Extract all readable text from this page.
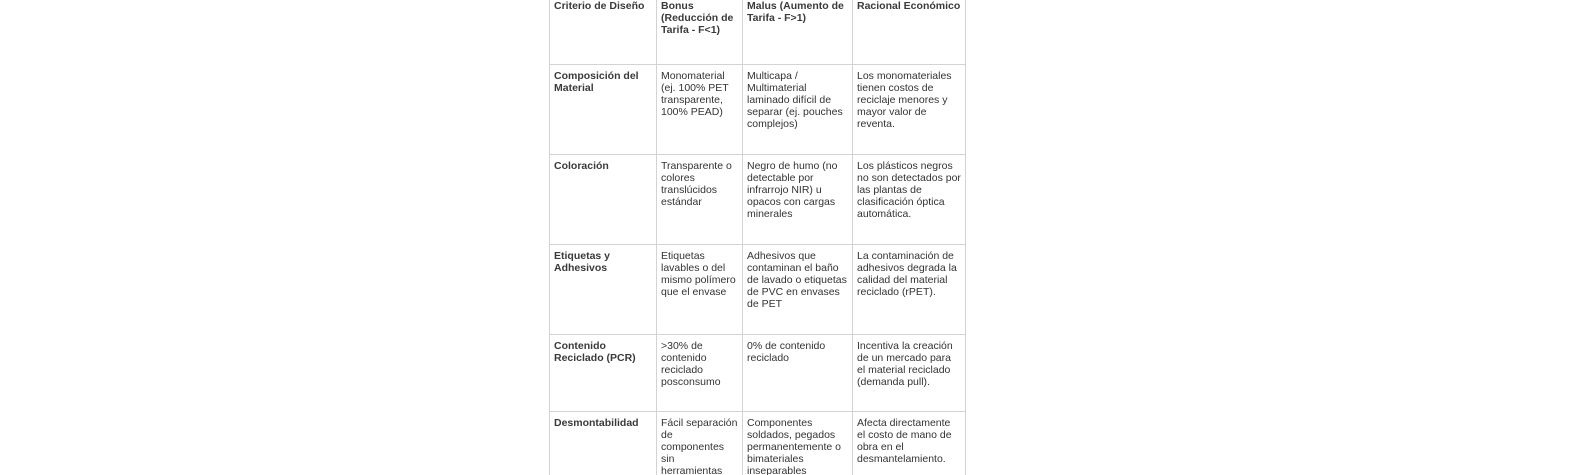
Criterio de Diseño	Bonus (Reducción de Tarifa - F<1)	Malus (Aumento de Tarifa - F>1)	Racional Económico
Composición del Material	Monomaterial (ej. 100% PET transparente, 100% PEAD)	Multicapa / Multimaterial laminado difícil de separar (ej. pouches complejos)	Los monomateriales tienen costos de reciclaje menores y mayor valor de reventa.
Coloración	Transparente o colores translúcidos estándar	Negro de humo (no detectable por infrarrojo NIR) u opacos con cargas minerales	Los plásticos negros no son detectados por las plantas de clasificación óptica automática.
Etiquetas y Adhesivos	Etiquetas lavables o del mismo polímero que el envase	Adhesivos que contaminan el baño de lavado o etiquetas de PVC en envases de PET	La contaminación de adhesivos degrada la calidad del material reciclado (rPET).
Contenido Reciclado (PCR)	>30% de contenido reciclado posconsumo	0% de contenido reciclado	Incentiva la creación de un mercado para el material reciclado (demanda pull).
Desmontabilidad	Fácil separación de componentes sin herramientas	Componentes soldados, pegados permanentemente o bimateriales inseparables	Afecta directamente el costo de mano de obra en el desmantelamiento.
